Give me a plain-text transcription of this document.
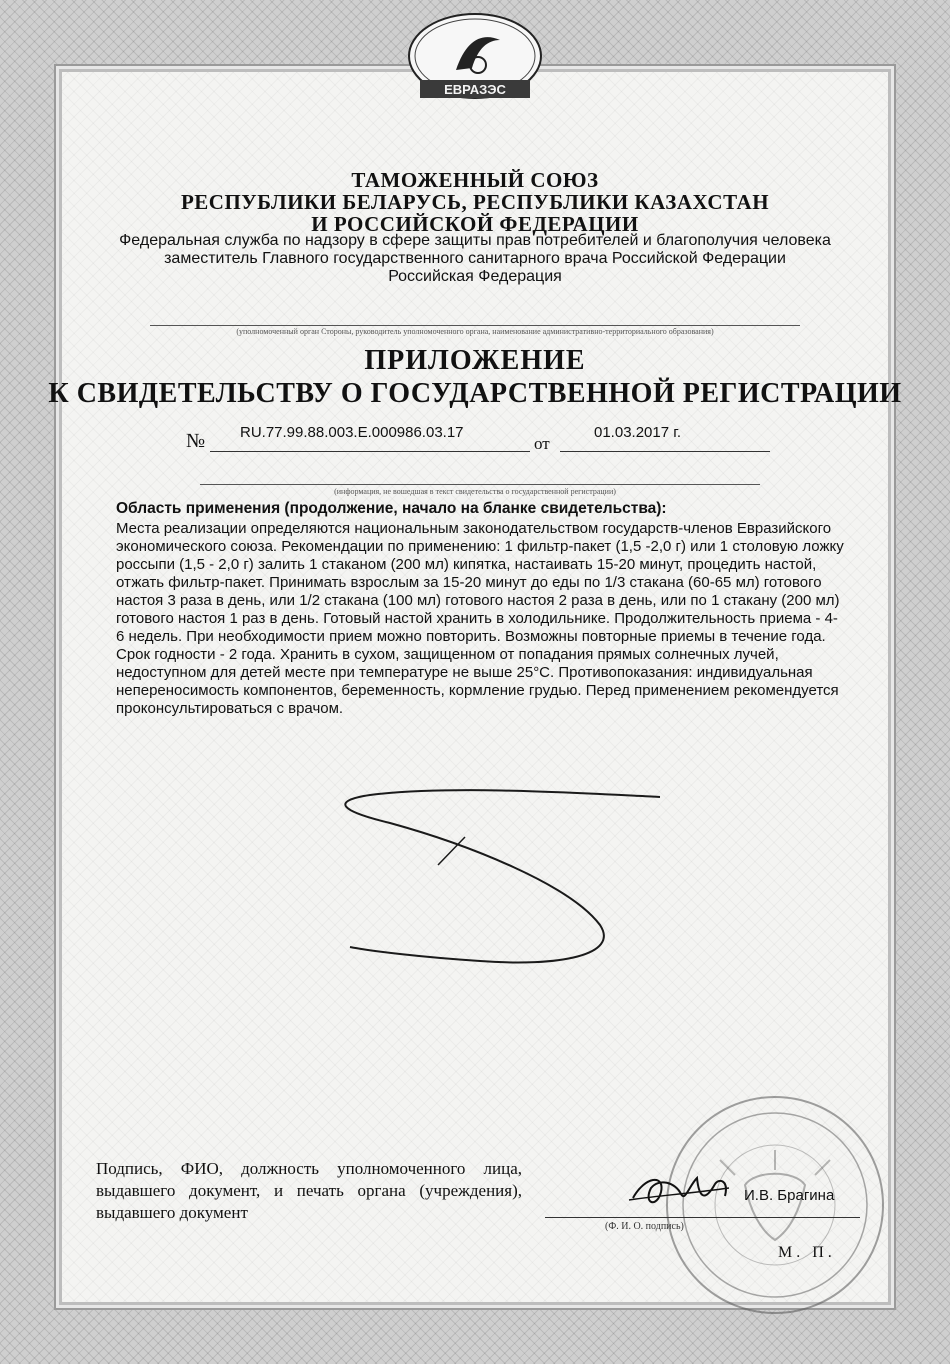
ЕВРАЗЭС
ТАМОЖЕННЫЙ СОЮЗ
РЕСПУБЛИКИ БЕЛАРУСЬ, РЕСПУБЛИКИ КАЗАХСТАН
И РОССИЙСКОЙ ФЕДЕРАЦИИ
Федеральная служба по надзору в сфере защиты прав потребителей и благополучия человека
заместитель Главного государственного санитарного врача Российской Федерации
Российская Федерация
(уполномоченный орган Стороны, руководитель уполномоченного органа, наименование административно-территориального образования)
ПРИЛОЖЕНИЕ
К СВИДЕТЕЛЬСТВУ О ГОСУДАРСТВЕННОЙ РЕГИСТРАЦИИ
№ RU.77.99.88.003.Е.000986.03.17
от
01.03.2017 г.
(информация, не вошедшая в текст свидетельства о государственной регистрации)
Область применения (продолжение, начало на бланке свидетельства):
Места реализации определяются национальным законодательством государств-членов Евразийского экономического союза. Рекомендации по применению: 1 фильтр-пакет (1,5 -2,0 г) или 1 столовую ложку россыпи (1,5 - 2,0 г) залить 1 стаканом (200 мл) кипятка, настаивать 15-20 минут, процедить настой, отжать фильтр-пакет. Принимать взрослым за 15-20 минут до еды по 1/3 стакана (60-65 мл) готового настоя 3 раза в день, или 1/2 стакана (100 мл) готового настоя 2 раза в день, или по 1 стакану (200 мл) готового настоя 1 раз в день. Готовый настой хранить в холодильнике. Продолжительность приема - 4-6 недель. При необходимости прием можно повторить. Возможны повторные приемы в течение года. Срок годности - 2 года. Хранить в сухом, защищенном от попадания прямых солнечных лучей, недоступном для детей месте при температуре не выше 25°С. Противопоказания: индивидуальная непереносимость компонентов, беременность, кормление грудью. Перед применением рекомендуется проконсультироваться с врачом.
Подпись, ФИО, должность уполномоченного лица, выдавшего документ, и печать органа (учреждения), выдавшего документ
И.В. Брагина
(Ф. И. О. подпись)
М. П.
